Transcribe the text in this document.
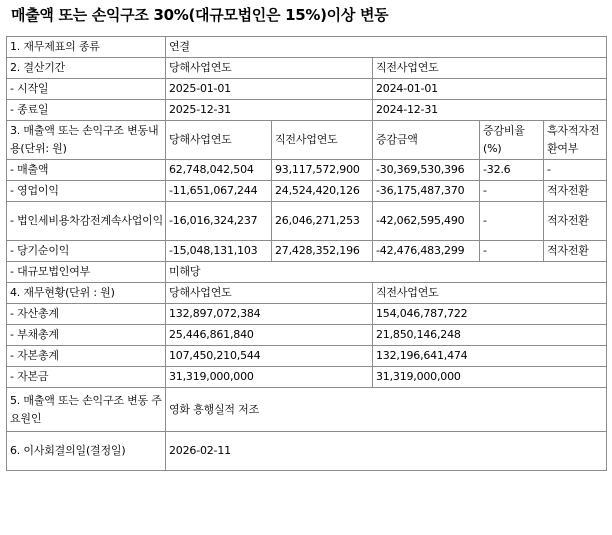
매출액 또는 손익구조 30%(대규모법인은 15%)이상 변동
1. 재무제표의 종류	연결				
2. 결산기간	당해사업연도		직전사업연도		
- 시작일	2025-01-01		2024-01-01		
- 종료일	2025-12-31		2024-12-31		
3. 매출액 또는 손익구조 변동내용(단위: 원)	당해사업연도	직전사업연도	증감금액	증감비율(%)	흑자적자전환여부
- 매출액	62,748,042,504	93,117,572,900	-30,369,530,396	-32.6	-
- 영업이익	-11,651,067,244	24,524,420,126	-36,175,487,370	-	적자전환
- 법인세비용차감전계속사업이익	-16,016,324,237	26,046,271,253	-42,062,595,490	-	적자전환
- 당기순이익	-15,048,131,103	27,428,352,196	-42,476,483,299	-	적자전환
- 대규모법인여부	미해당				
4. 재무현황(단위 : 원)	당해사업연도		직전사업연도		
- 자산총계	132,897,072,384		154,046,787,722		
- 부채총계	25,446,861,840		21,850,146,248		
- 자본총계	107,450,210,544		132,196,641,474		
- 자본금	31,319,000,000		31,319,000,000		
5. 매출액 또는 손익구조 변동 주요원인	영화 흥행실적 저조				
6. 이사회결의일(결정일)	2026-02-11				
